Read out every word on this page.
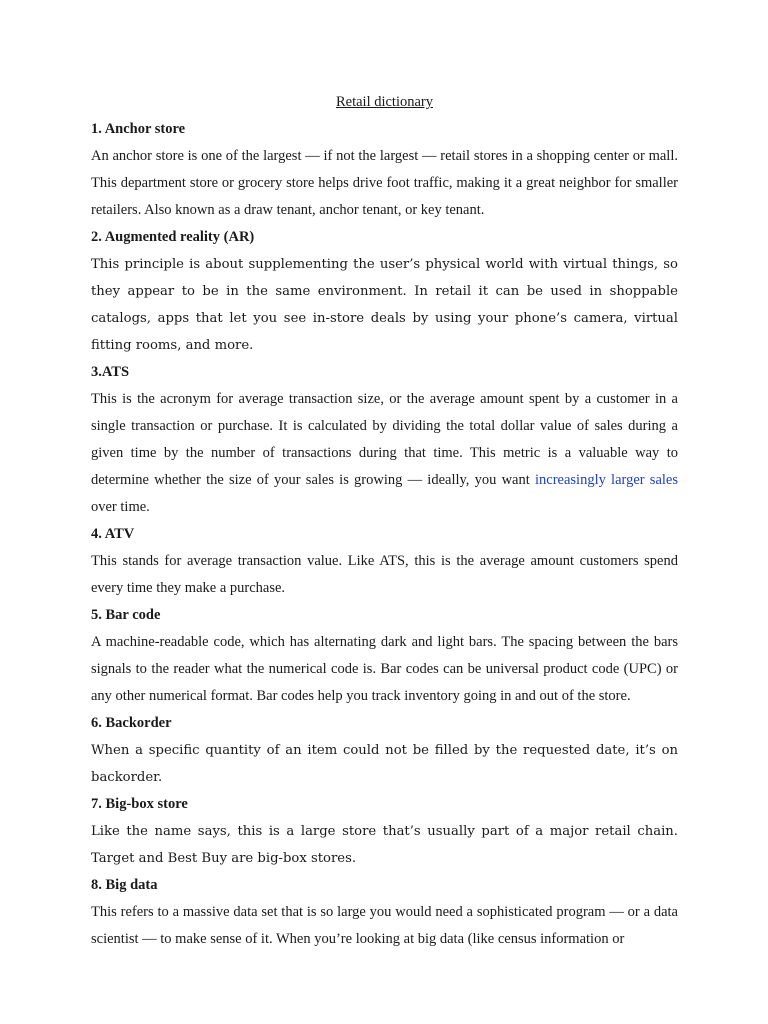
Retail dictionary

1. Anchor store

An anchor store is one of the largest — if not the largest — retail stores in a shopping center or mall. This department store or grocery store helps drive foot traffic, making it a great neighbor for smaller retailers. Also known as a draw tenant, anchor tenant, or key tenant.

2. Augmented reality (AR)

This principle is about supplementing the user’s physical world with virtual things, so they appear to be in the same environment. In retail it can be used in shoppable catalogs, apps that let you see in-store deals by using your phone’s camera, virtual fitting rooms, and more.

3.ATS

This is the acronym for average transaction size, or the average amount spent by a customer in a single transaction or purchase. It is calculated by dividing the total dollar value of sales during a given time by the number of transactions during that time. This metric is a valuable way to determine whether the size of your sales is growing — ideally, you want increasingly larger sales over time.

4. ATV

This stands for average transaction value. Like ATS, this is the average amount customers spend every time they make a purchase.

5. Bar code

A machine-readable code, which has alternating dark and light bars. The spacing between the bars signals to the reader what the numerical code is. Bar codes can be universal product code (UPC) or any other numerical format. Bar codes help you track inventory going in and out of the store.

6. Backorder

When a specific quantity of an item could not be filled by the requested date, it’s on backorder.

7. Big-box store

Like the name says, this is a large store that’s usually part of a major retail chain. Target and Best Buy are big-box stores.

8. Big data

This refers to a massive data set that is so large you would need a sophisticated program — or a data scientist — to make sense of it. When you’re looking at big data (like census information or
